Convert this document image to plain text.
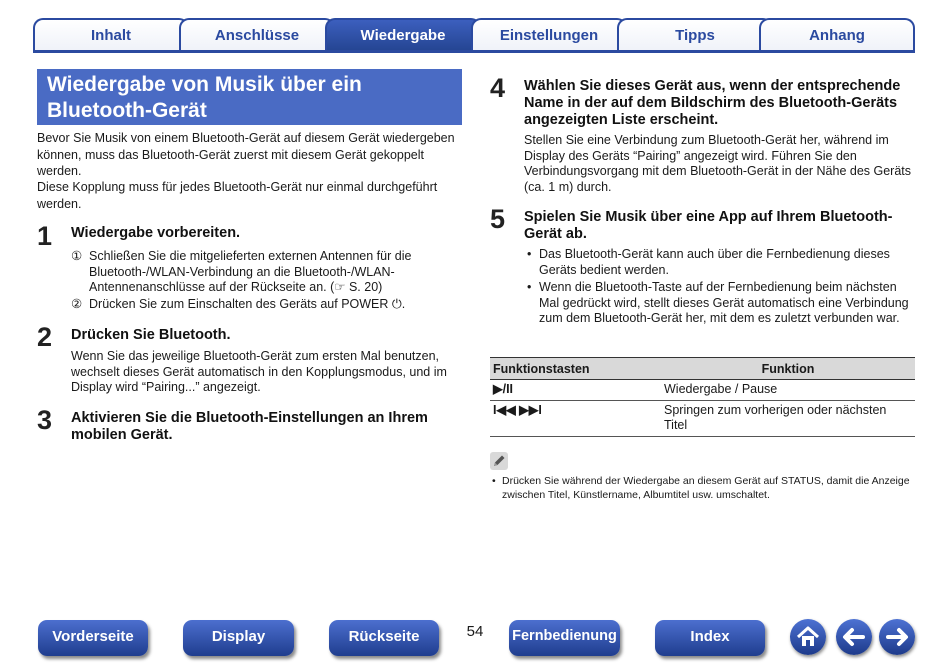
Inhalt	Anschlüsse	Wiedergabe	Einstellungen	Tipps	Anhang
Wiedergabe von Musik über ein
Bluetooth-Gerät
Bevor Sie Musik von einem Bluetooth-Gerät auf diesem Gerät wiedergeben können, muss das Bluetooth-Gerät zuerst mit diesem Gerät gekoppelt werden.
Diese Kopplung muss für jedes Bluetooth-Gerät nur einmal durchgeführt werden.
1 Wiedergabe vorbereiten.
① Schließen Sie die mitgelieferten externen Antennen für die Bluetooth-/WLAN-Verbindung an die Bluetooth-/WLAN-Antennenanschlüsse auf der Rückseite an. (☞ S. 20)
② Drücken Sie zum Einschalten des Geräts auf POWER ⏻.
2 Drücken Sie Bluetooth.
Wenn Sie das jeweilige Bluetooth-Gerät zum ersten Mal benutzen, wechselt dieses Gerät automatisch in den Kopplungsmodus, und im Display wird “Pairing...” angezeigt.
3 Aktivieren Sie die Bluetooth-Einstellungen an Ihrem mobilen Gerät.
4 Wählen Sie dieses Gerät aus, wenn der entsprechende Name in der auf dem Bildschirm des Bluetooth-Geräts angezeigten Liste erscheint.
Stellen Sie eine Verbindung zum Bluetooth-Gerät her, während im Display des Geräts “Pairing” angezeigt wird. Führen Sie den Verbindungsvorgang mit dem Bluetooth-Gerät in der Nähe des Geräts (ca. 1 m) durch.
5 Spielen Sie Musik über eine App auf Ihrem Bluetooth-Gerät ab.
• Das Bluetooth-Gerät kann auch über die Fernbedienung dieses Geräts bedient werden.
• Wenn die Bluetooth-Taste auf der Fernbedienung beim nächsten Mal gedrückt wird, stellt dieses Gerät automatisch eine Verbindung zum dem Bluetooth-Gerät her, mit dem es zuletzt verbunden war.
Funktionstasten	Funktion
▶/II	Wiedergabe / Pause
I◀◀ ▶▶I	Springen zum vorherigen oder nächsten Titel
• Drücken Sie während der Wiedergabe an diesem Gerät auf STATUS, damit die Anzeige zwischen Titel, Künstlername, Albumtitel usw. umschaltet.
Vorderseite	Display	Rückseite	54	Fernbedienung	Index
